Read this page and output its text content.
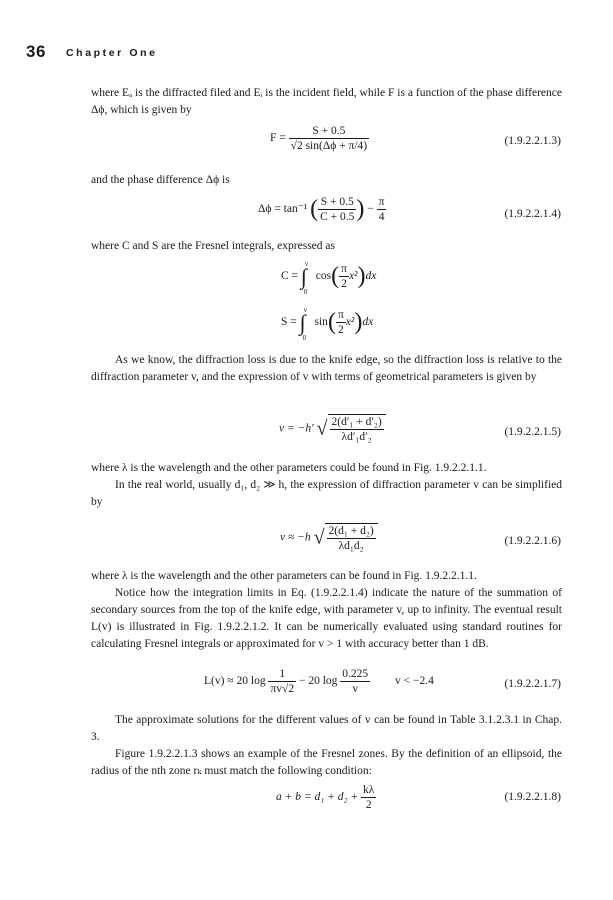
36 Chapter One

where Eₐ is the diffracted filed and Eᵢ is the incident field, while F is a function of the phase difference Δϕ, which is given by

$F = \frac{S + 0.5}{√2 \sin(\Delta\phi + \pi/4)}$	(1.9.2.2.1.3)

and the phase difference Δϕ is

Δϕ = tan⁻¹ ( $\frac{S + 0.5}{C + 0.5}$ ) − $\frac{\pi}{4}$	(1.9.2.2.1.4)

where C and S are the Fresnel integrals, expressed as

C =
v
∫
0
$\cos( \frac{\pi}{2} x^2)dx$
S =
v
∫
0
$\sin( \frac{\pi}{2} x^2)dx$

As we know, the diffraction loss is due to the knife edge, so the diffraction loss is relative to the diffraction parameter v, and the expression of v with terms of geometrical parameters is given by

v = −h′ √ $\frac{\text{2(d′₁ + d′₂)}}{\text{λd′₁d′₂}}$	(1.9.2.2.1.5)

where λ is the wavelength and the other parameters could be found in Fig. 1.9.2.2.1.1.

In the real world, usually d₁, d₂ ≫ h, the expression of diffraction parameter v can be simplified by

v ≈ −h √ $\frac{\text{2(d₁ + d₂)}}{\text{λd₁d₂}}$	(1.9.2.2.1.6)

where λ is the wavelength and the other parameters can be found in Fig. 1.9.2.2.1.1.

Notice how the integration limits in Eq. (1.9.2.2.1.4) indicate the nature of the summation of secondary sources from the top of the knife edge, with parameter v, up to infinity. The eventual result L(v) is illustrated in Fig. 1.9.2.2.1.2. It can be numerically evaluated using standard routines for calculating Fresnel integrals or approximated for v > 1 with accuracy better than 1 dB.

L(v) ≈ 20 $\log \frac{1}{\pi v√2} - 20$ $\log \frac{0.225}{v}$ v < −2.4	(1.9.2.2.1.7)

The approximate solutions for the different values of v can be found in Table 3.1.2.3.1 in Chap. 3.

Figure 1.9.2.2.1.3 shows an example of the Fresnel zones. By the definition of an ellipsoid, the radius of the nth zone rₖ must match the following condition:

$a + b = d_1 + d_2 + \frac{k\lambda}{2}$	(1.9.2.2.1.8)
